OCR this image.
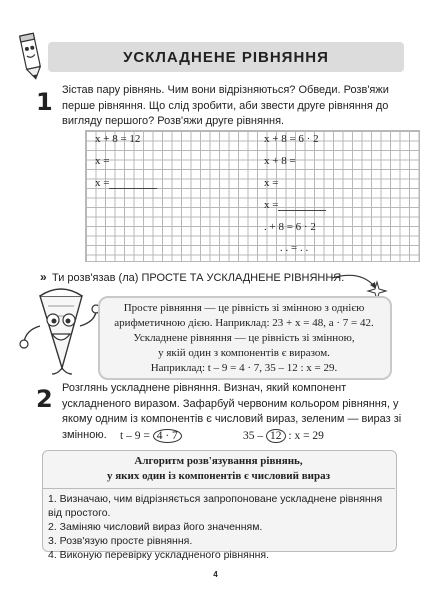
УСКЛАДНЕНЕ РІВНЯННЯ
1 Зістав пару рівнянь. Чим вони відрізняються? Обведи. Розв'яжи перше рівняння. Що слід зробити, аби звести друге рівняння до вигляду першого? Розв'яжи друге рівняння.
x + 8 = 12
x =
x =
x + 8 = 6 · 2
x + 8 =
x =
x =
. + 8 = 6 · 2
. . = . .
» Ти розв'язав (ла) ПРОСТЕ ТА УСКЛАДНЕНЕ РІВНЯННЯ.
Просте рівняння — це рівність зі змінною з однією
арифметичною дією. Наприклад: 23 + x = 48, a · 7 = 42.
Ускладнене рівняння — це рівність зі змінною,
у якій один з компонентів є виразом.
Наприклад: t – 9 = 4 · 7, 35 – 12 : x = 29.
2 Розглянь ускладнене рівняння. Визнач, який компонент ускладненого виразом. Зафарбуй червоним кольором рівняння, у якому одним із компонентів є числовий вираз, зеленим — вираз зі змінною.	t – 9 = 4 · 7	35 – 12 : x = 29
Алгоритм розв'язування рівнянь,
у яких один із компонентів є числовий вираз
1. Визначаю, чим відрізняється запропоноване ускладнене рівняння від простого.
2. Заміняю числовий вираз його значенням.
3. Розв'язую просте рівняння.
4. Виконую перевірку ускладненого рівняння.
4
